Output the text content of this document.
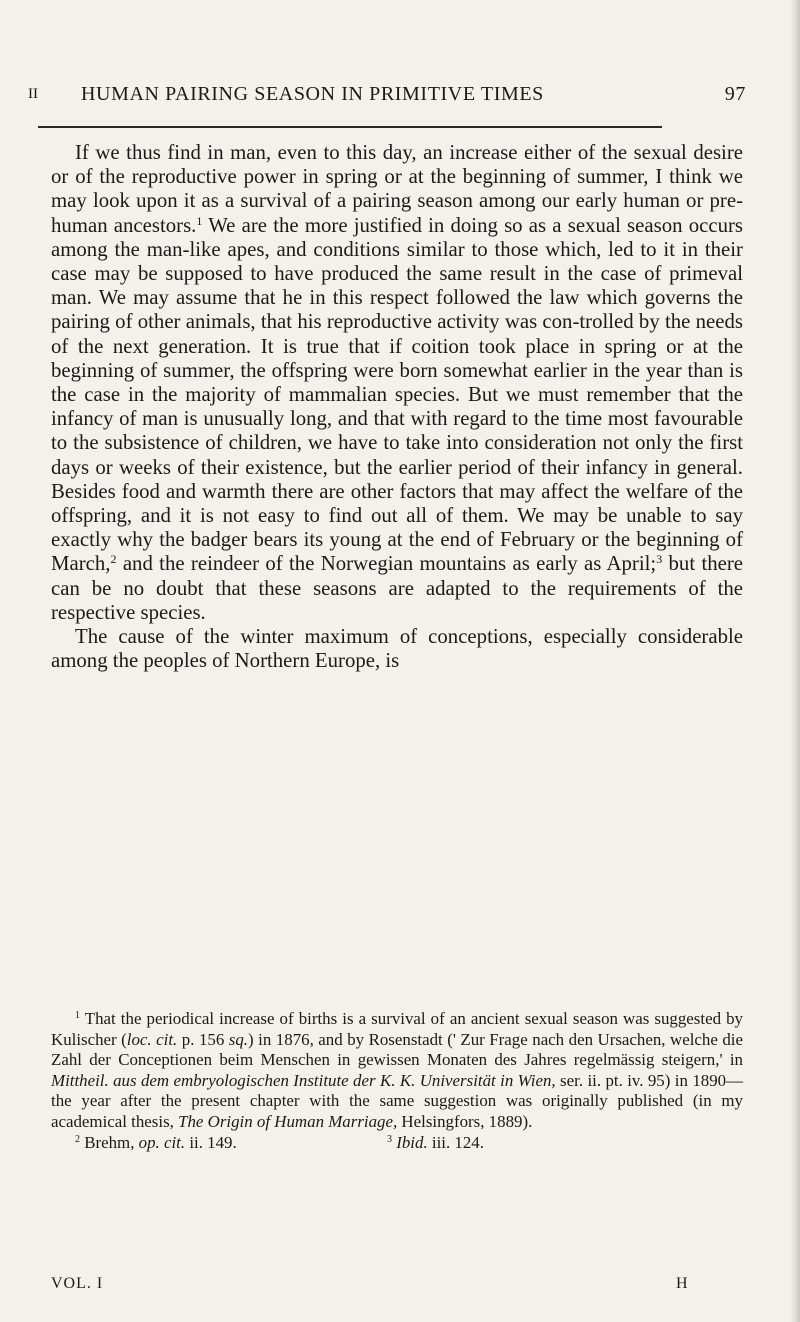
II HUMAN PAIRING SEASON IN PRIMITIVE TIMES	97

If we thus find in man, even to this day, an increase either of the sexual desire or of the reproductive power in spring or at the beginning of summer, I think we may look upon it as a survival of a pairing season among our early human or pre-human ancestors.$^1$ We are the more justified in doing so as a sexual season occurs among the man-like apes, and conditions similar to those which, led to it in their case may be supposed to have produced the same result in the case of primeval man. We may assume that he in this respect followed the law which governs the pairing of other animals, that his reproductive activity was con-trolled by the needs of the next generation. It is true that if coition took place in spring or at the beginning of summer, the offspring were born somewhat earlier in the year than is the case in the majority of mammalian species. But we must remember that the infancy of man is unusually long, and that with regard to the time most favourable to the subsistence of children, we have to take into consideration not only the first days or weeks of their existence, but the earlier period of their infancy in general. Besides food and warmth there are other factors that may affect the welfare of the offspring, and it is not easy to find out all of them. We may be unable to say exactly why the badger bears its young at the end of February or the beginning of March,$^2$ and the reindeer of the Norwegian mountains as early as April;$^3$ but there can be no doubt that these seasons are adapted to the requirements of the respective species.

The cause of the winter maximum of conceptions, especially considerable among the peoples of Northern Europe, is

$^1$ That the periodical increase of births is a survival of an ancient sexual season was suggested by Kulischer (loc. cit. p. 156 sq.) in 1876, and by Rosenstadt (' Zur Frage nach den Ursachen, welche die Zahl der Conceptionen beim Menschen in gewissen Monaten des Jahres regelmässig steigern,' in Mittheil. aus dem embryologischen Institute der K. K. Universität in Wien, ser. ii. pt. iv. 95) in 1890— the year after the present chapter with the same suggestion was originally published (in my academical thesis, The Origin of Human Marriage, Helsingfors, 1889).

$^2$ Brehm, op. cit. ii. 149.	$^3$ Ibid. iii. 124.
VOL. I	H
